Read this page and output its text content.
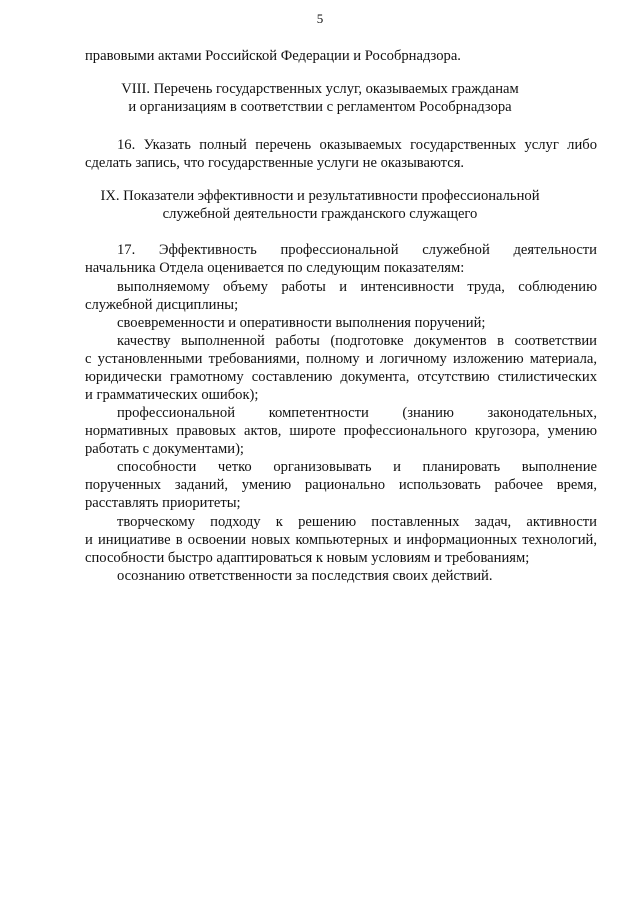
5
правовыми актами Российской Федерации и Рособрнадзора.
VIII. Перечень государственных услуг, оказываемых гражданам
и организациям в соответствии с регламентом Рособрнадзора
16. Указать полный перечень оказываемых государственных услуг либо
сделать запись, что государственные услуги не оказываются.
IX. Показатели эффективности и результативности профессиональной
служебной деятельности гражданского служащего
17.    Эффективность    профессиональной    служебной    деятельности
начальника Отдела оценивается по следующим показателям:
выполняемому объему работы и интенсивности труда, соблюдению
служебной дисциплины;
своевременности и оперативности выполнения поручений;
качеству выполненной работы (подготовке документов в соответствии
с установленными требованиями, полному и логичному изложению материала,
юридически грамотному составлению документа, отсутствию стилистических
и грамматических ошибок);
профессиональной    компетентности    (знанию    законодательных,
нормативных правовых актов, широте профессионального кругозора, умению
работать с документами);
способности   четко   организовывать   и   планировать   выполнение
порученных заданий, умению рационально использовать рабочее время,
расставлять приоритеты;
творческому подходу к решению поставленных задач, активности
и инициативе в освоении новых компьютерных и информационных технологий,
способности быстро адаптироваться к новым условиям и требованиям;
осознанию ответственности за последствия своих действий.
